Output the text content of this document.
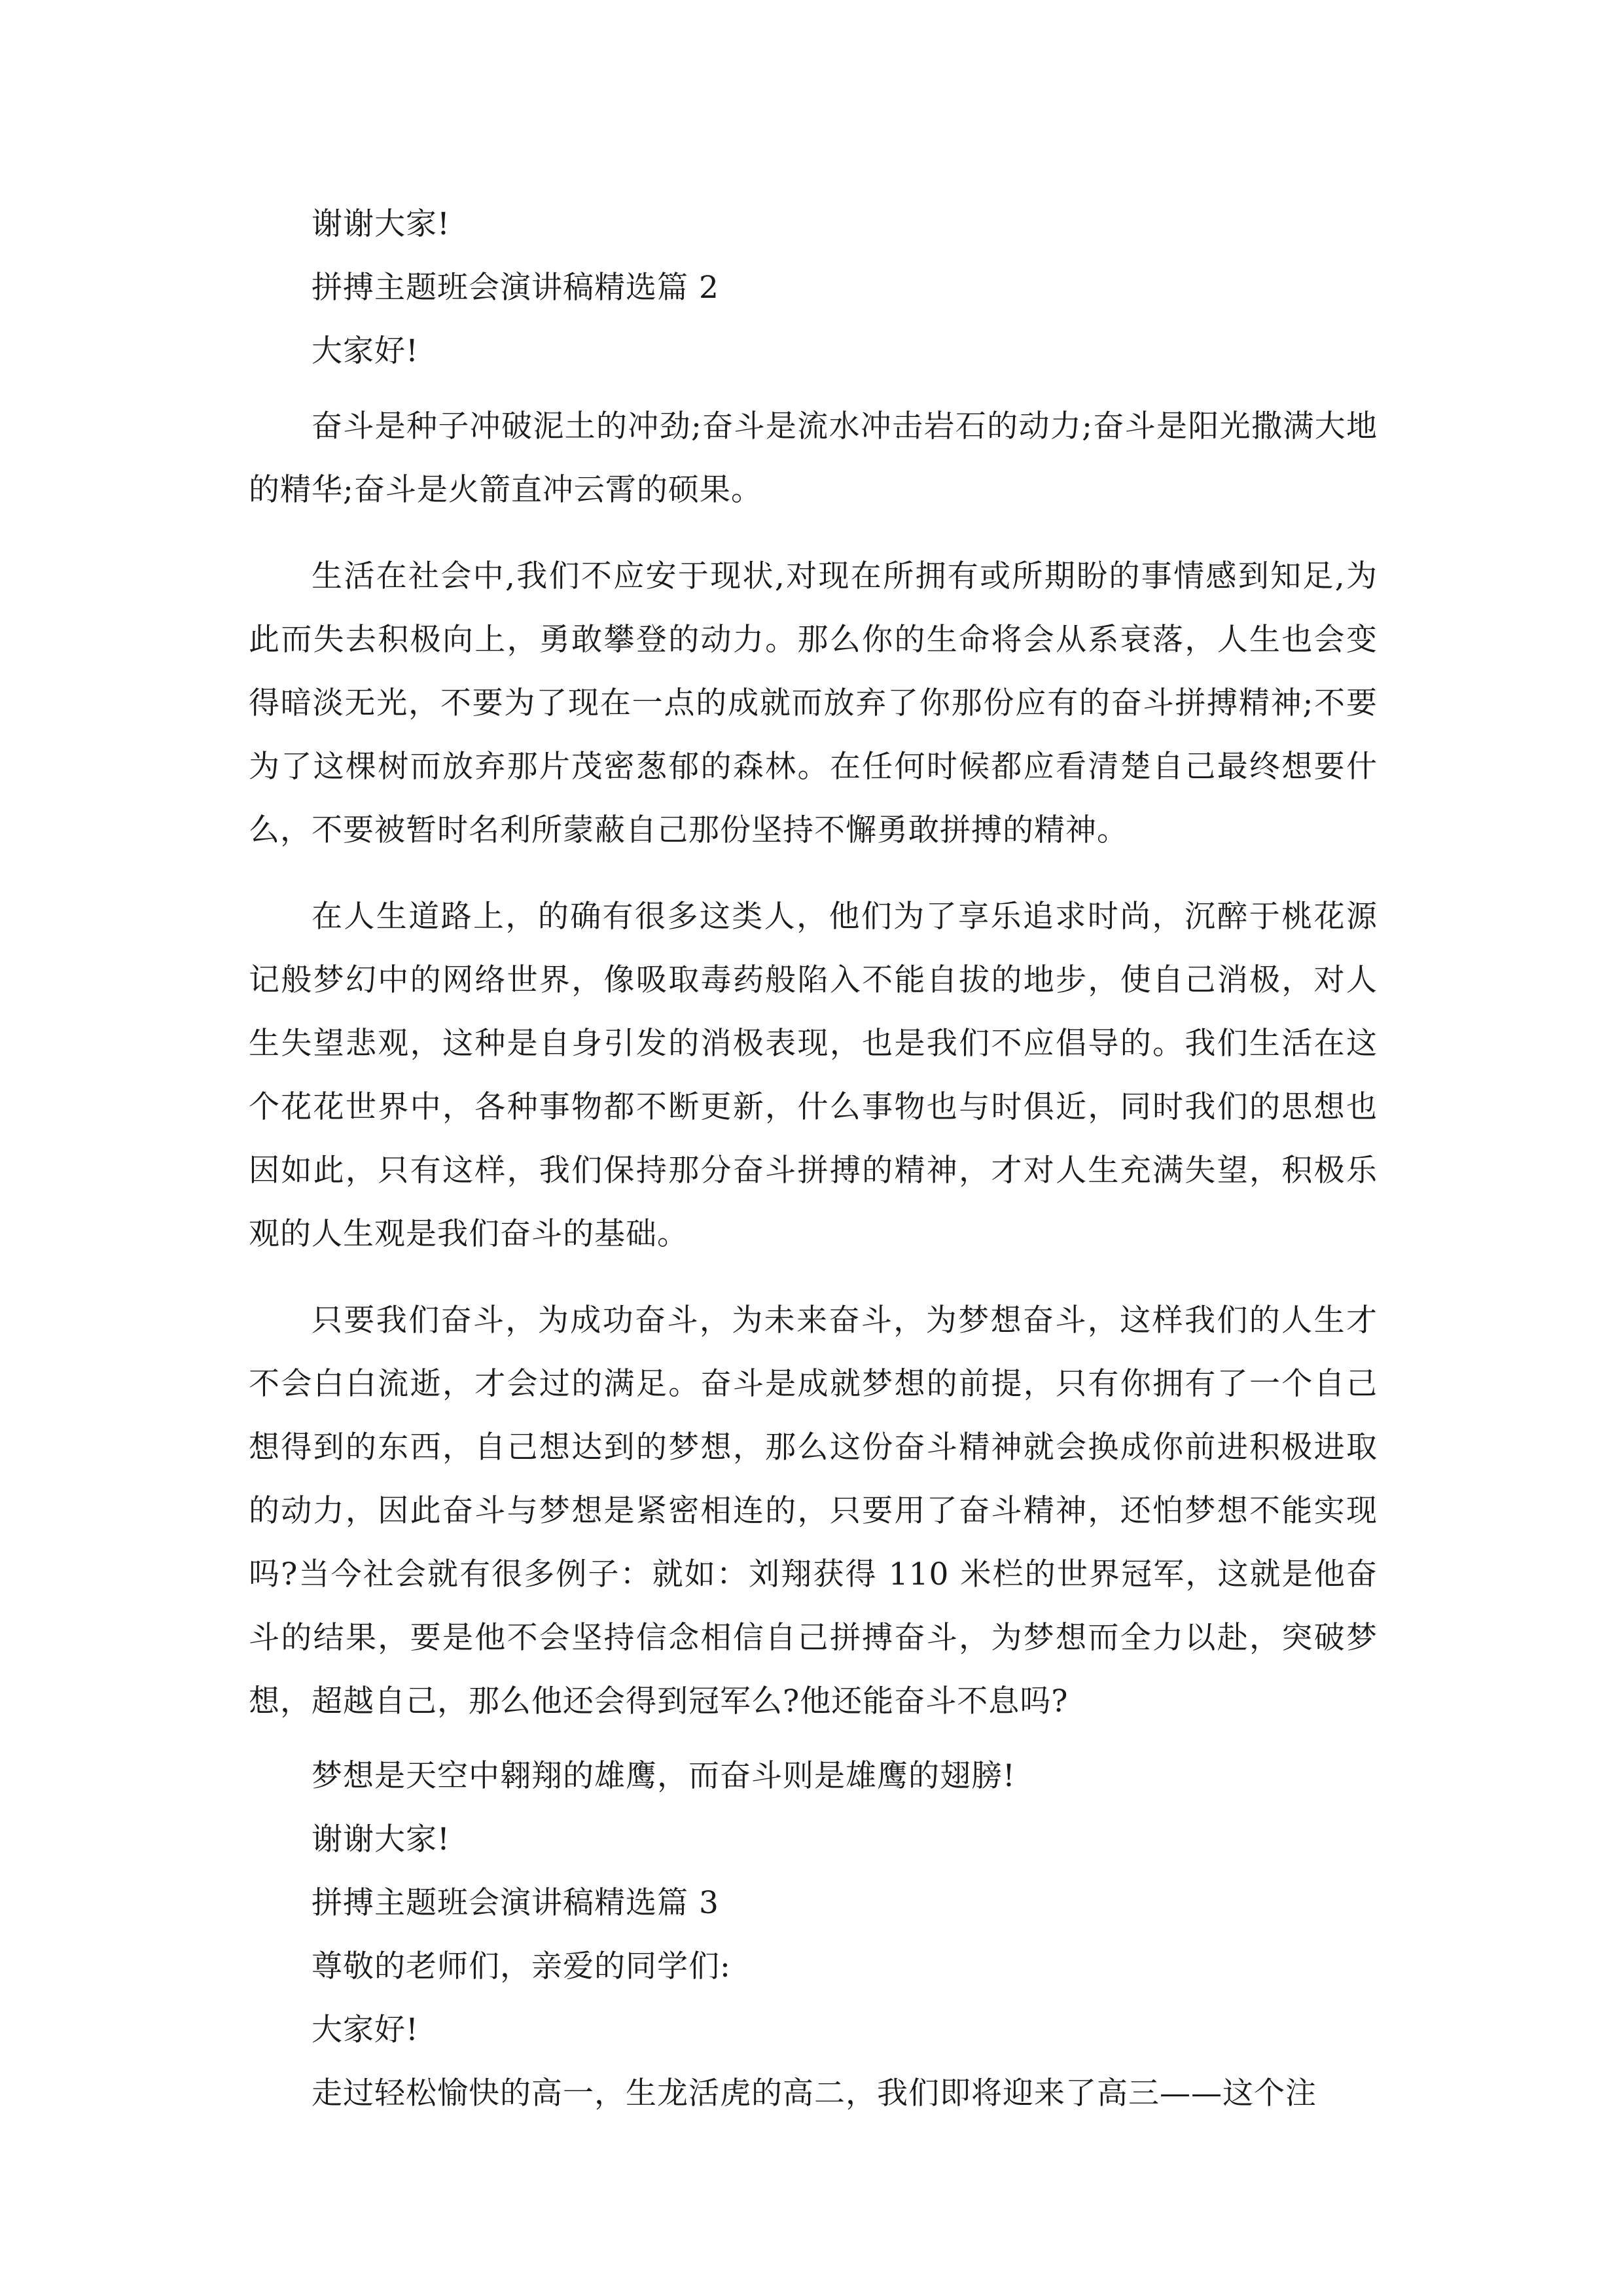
谢谢大家!

拼搏主题班会演讲稿精选篇 2

大家好!

奋斗是种子冲破泥土的冲劲;奋斗是流水冲击岩石的动力;奋斗是阳光撒满大地的精华;奋斗是火箭直冲云霄的硕果。

生活在社会中,我们不应安于现状,对现在所拥有或所期盼的事情感到知足,为此而失去积极向上，勇敢攀登的动力。那么你的生命将会从系衰落，人生也会变得暗淡无光，不要为了现在一点的成就而放弃了你那份应有的奋斗拼搏精神;不要为了这棵树而放弃那片茂密葱郁的森林。在任何时候都应看清楚自己最终想要什么，不要被暂时名利所蒙蔽自己那份坚持不懈勇敢拼搏的精神。

在人生道路上，的确有很多这类人，他们为了享乐追求时尚，沉醉于桃花源记般梦幻中的网络世界，像吸取毒药般陷入不能自拔的地步，使自己消极，对人生失望悲观，这种是自身引发的消极表现，也是我们不应倡导的。我们生活在这个花花世界中，各种事物都不断更新，什么事物也与时俱近，同时我们的思想也因如此，只有这样，我们保持那分奋斗拼搏的精神，才对人生充满失望，积极乐观的人生观是我们奋斗的基础。

只要我们奋斗，为成功奋斗，为未来奋斗，为梦想奋斗，这样我们的人生才不会白白流逝，才会过的满足。奋斗是成就梦想的前提，只有你拥有了一个自己想得到的东西，自己想达到的梦想，那么这份奋斗精神就会换成你前进积极进取的动力，因此奋斗与梦想是紧密相连的，只要用了奋斗精神，还怕梦想不能实现吗?当今社会就有很多例子：就如：刘翔获得 110 米栏的世界冠军，这就是他奋斗的结果，要是他不会坚持信念相信自己拼搏奋斗，为梦想而全力以赴，突破梦想，超越自己，那么他还会得到冠军么?他还能奋斗不息吗?

梦想是天空中翱翔的雄鹰，而奋斗则是雄鹰的翅膀!

谢谢大家!

拼搏主题班会演讲稿精选篇 3

尊敬的老师们，亲爱的同学们:

大家好!

走过轻松愉快的高一，生龙活虎的高二，我们即将迎来了高三——这个注
